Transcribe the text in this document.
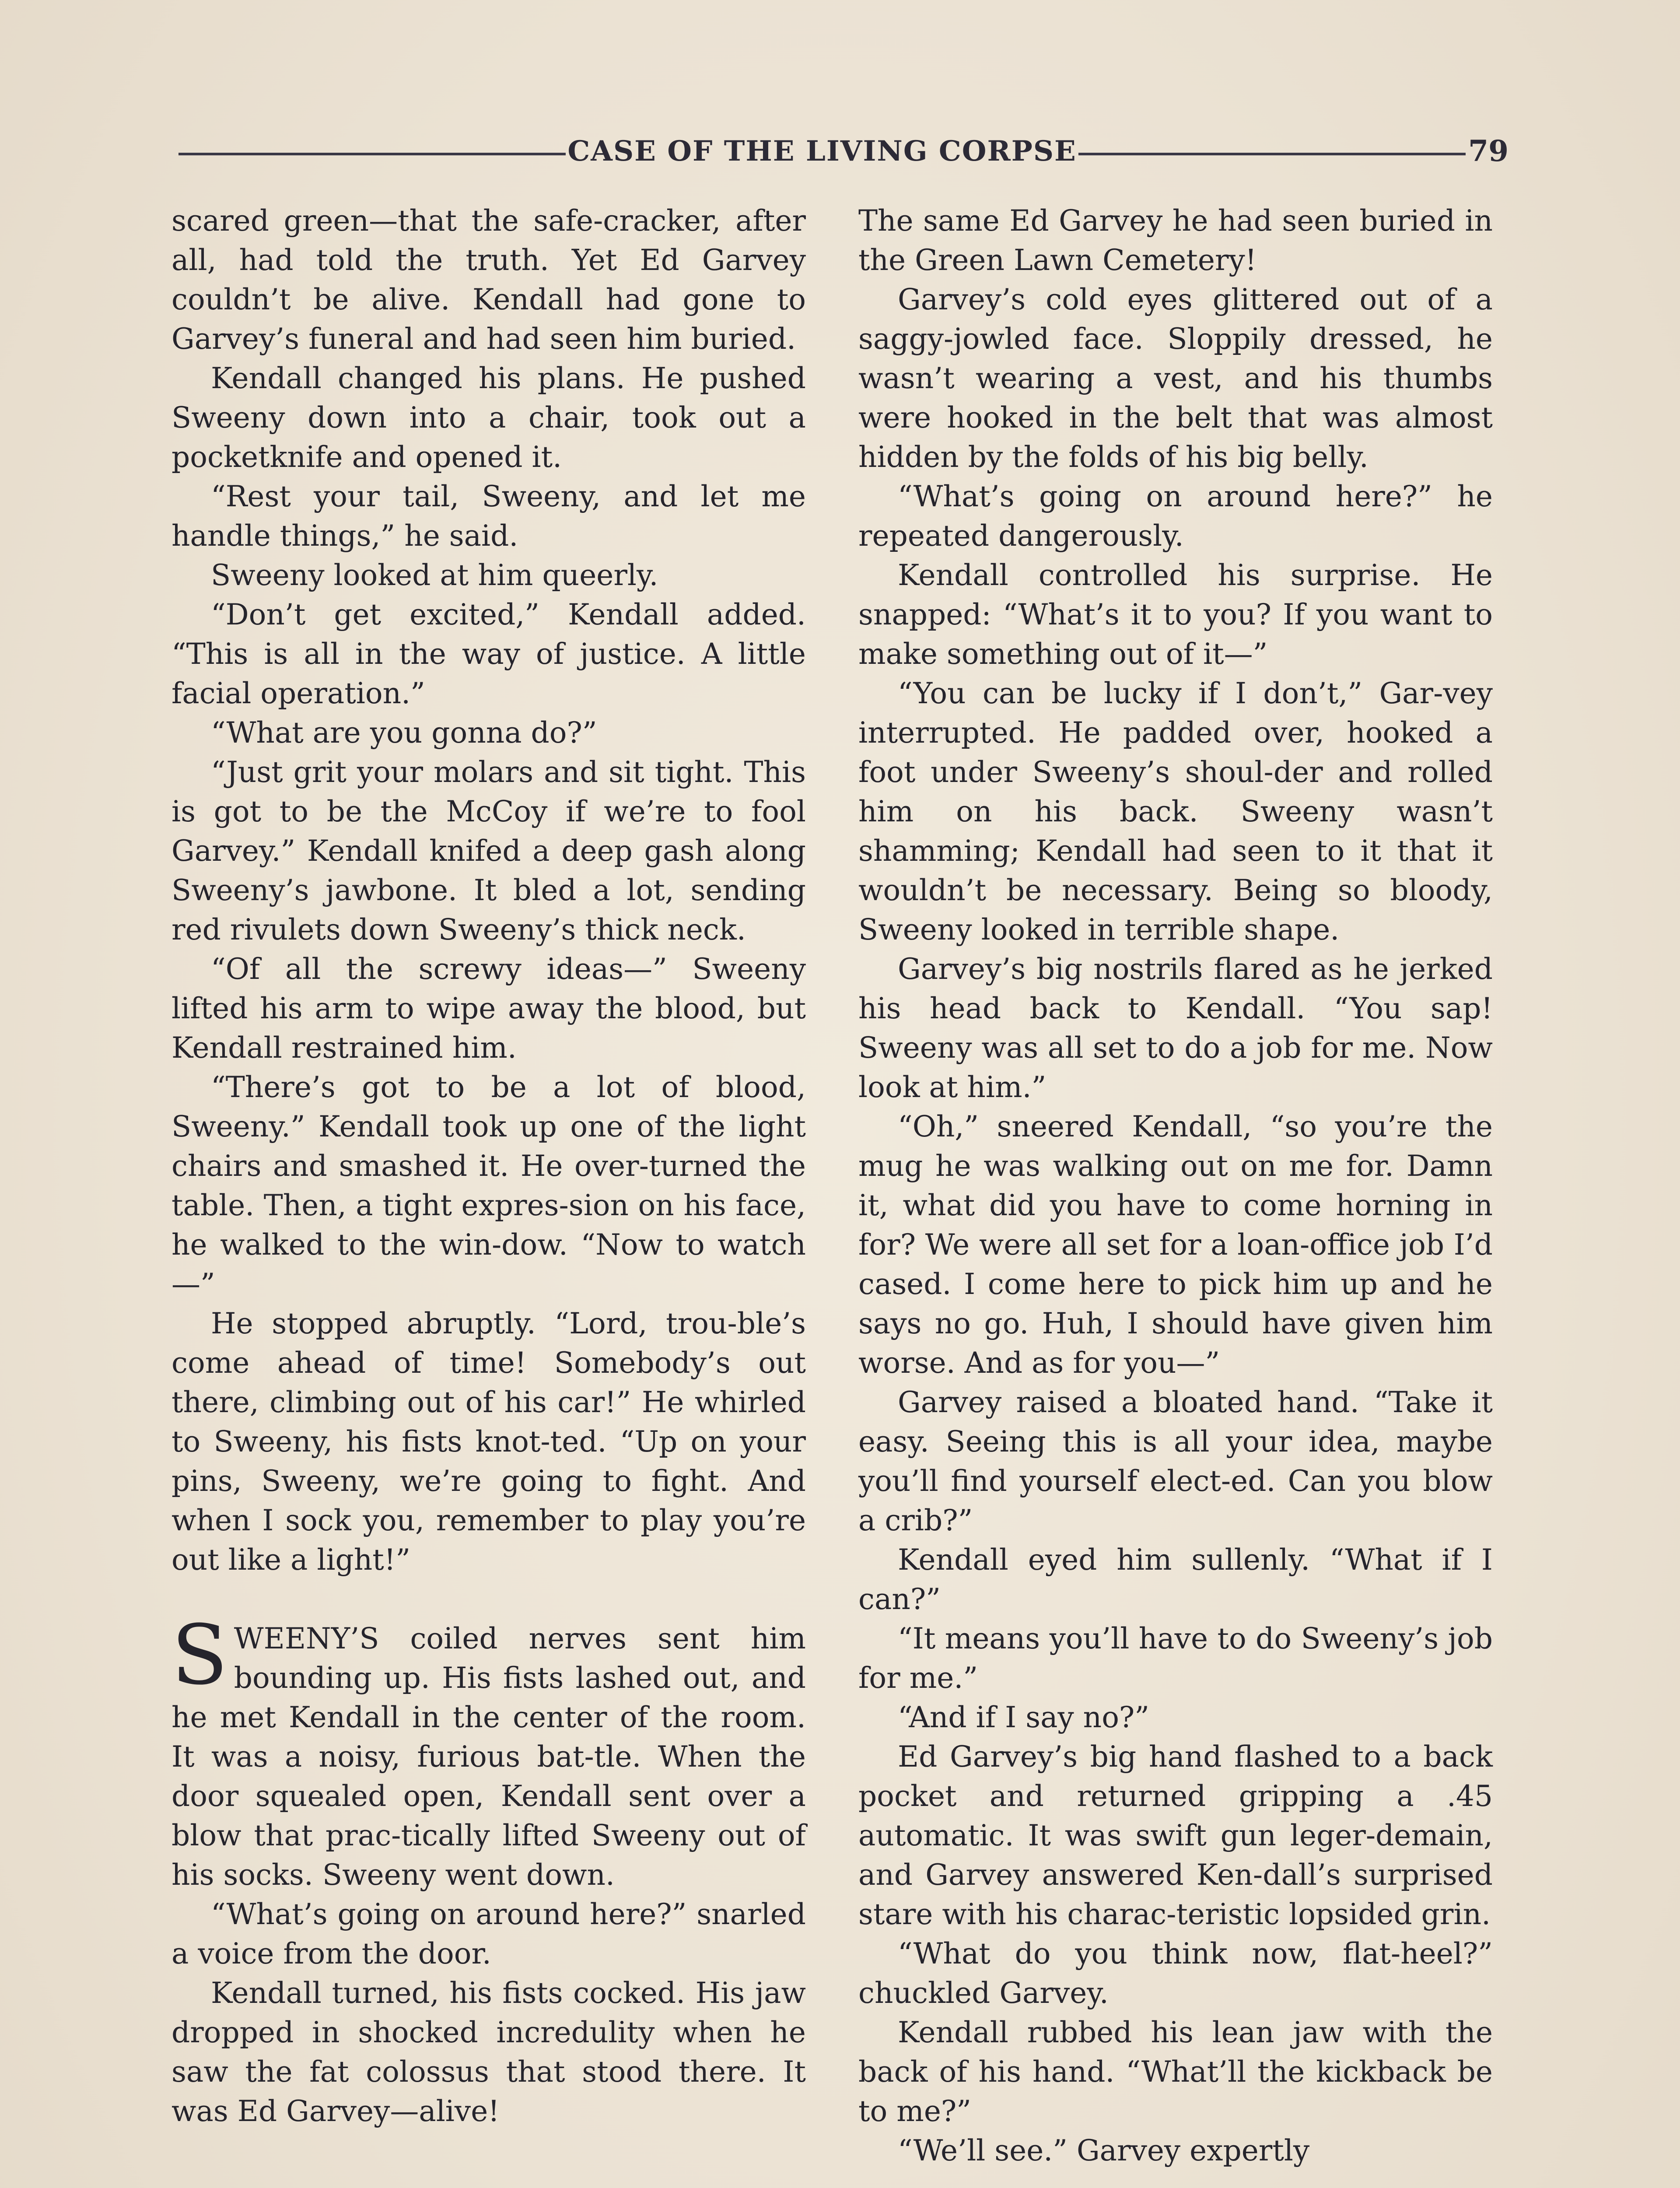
CASE OF THE LIVING CORPSE	79

scared green—that the safe-cracker, after all, had told the truth. Yet Ed Garvey couldn’t be alive. Kendall had gone to Garvey’s funeral and had seen him buried.

Kendall changed his plans. He pushed Sweeny down into a chair, took out a pocketknife and opened it.

“Rest your tail, Sweeny, and let me handle things,” he said.

Sweeny looked at him queerly.

“Don’t get excited,” Kendall added. “This is all in the way of justice. A little facial operation.”

“What are you gonna do?”

“Just grit your molars and sit tight. This is got to be the McCoy if we’re to fool Garvey.” Kendall knifed a deep gash along Sweeny’s jawbone. It bled a lot, sending red rivulets down Sweeny’s thick neck.

“Of all the screwy ideas—” Sweeny lifted his arm to wipe away the blood, but Kendall restrained him.

“There’s got to be a lot of blood, Sweeny.” Kendall took up one of the light chairs and smashed it. He over-turned the table. Then, a tight expres-sion on his face, he walked to the win-dow. “Now to watch—”

He stopped abruptly. “Lord, trou-ble’s come ahead of time! Somebody’s out there, climbing out of his car!” He whirled to Sweeny, his fists knot-ted. “Up on your pins, Sweeny, we’re going to fight. And when I sock you, remember to play you’re out like a light!”

SWEENY’S coiled nerves sent him bounding up. His fists lashed out, and he met Kendall in the center of the room. It was a noisy, furious bat-tle. When the door squealed open, Kendall sent over a blow that prac-tically lifted Sweeny out of his socks. Sweeny went down.

“What’s going on around here?” snarled a voice from the door.

Kendall turned, his fists cocked. His jaw dropped in shocked incredulity when he saw the fat colossus that stood there. It was Ed Garvey—alive!

The same Ed Garvey he had seen buried in the Green Lawn Cemetery!

Garvey’s cold eyes glittered out of a saggy-jowled face. Sloppily dressed, he wasn’t wearing a vest, and his thumbs were hooked in the belt that was almost hidden by the folds of his big belly.

“What’s going on around here?” he repeated dangerously.

Kendall controlled his surprise. He snapped: “What’s it to you? If you want to make something out of it—”

“You can be lucky if I don’t,” Gar-vey interrupted. He padded over, hooked a foot under Sweeny’s shoul-der and rolled him on his back. Sweeny wasn’t shamming; Kendall had seen to it that it wouldn’t be necessary. Being so bloody, Sweeny looked in terrible shape.

Garvey’s big nostrils flared as he jerked his head back to Kendall. “You sap! Sweeny was all set to do a job for me. Now look at him.”

“Oh,” sneered Kendall, “so you’re the mug he was walking out on me for. Damn it, what did you have to come horning in for? We were all set for a loan-office job I’d cased. I come here to pick him up and he says no go. Huh, I should have given him worse. And as for you—”

Garvey raised a bloated hand. “Take it easy. Seeing this is all your idea, maybe you’ll find yourself elect-ed. Can you blow a crib?”

Kendall eyed him sullenly. “What if I can?”

“It means you’ll have to do Sweeny’s job for me.”

“And if I say no?”

Ed Garvey’s big hand flashed to a back pocket and returned gripping a .45 automatic. It was swift gun leger-demain, and Garvey answered Ken-dall’s surprised stare with his charac-teristic lopsided grin.

“What do you think now, flat-heel?” chuckled Garvey.

Kendall rubbed his lean jaw with the back of his hand. “What’ll the kickback be to me?”

“We’ll see.” Garvey expertly
